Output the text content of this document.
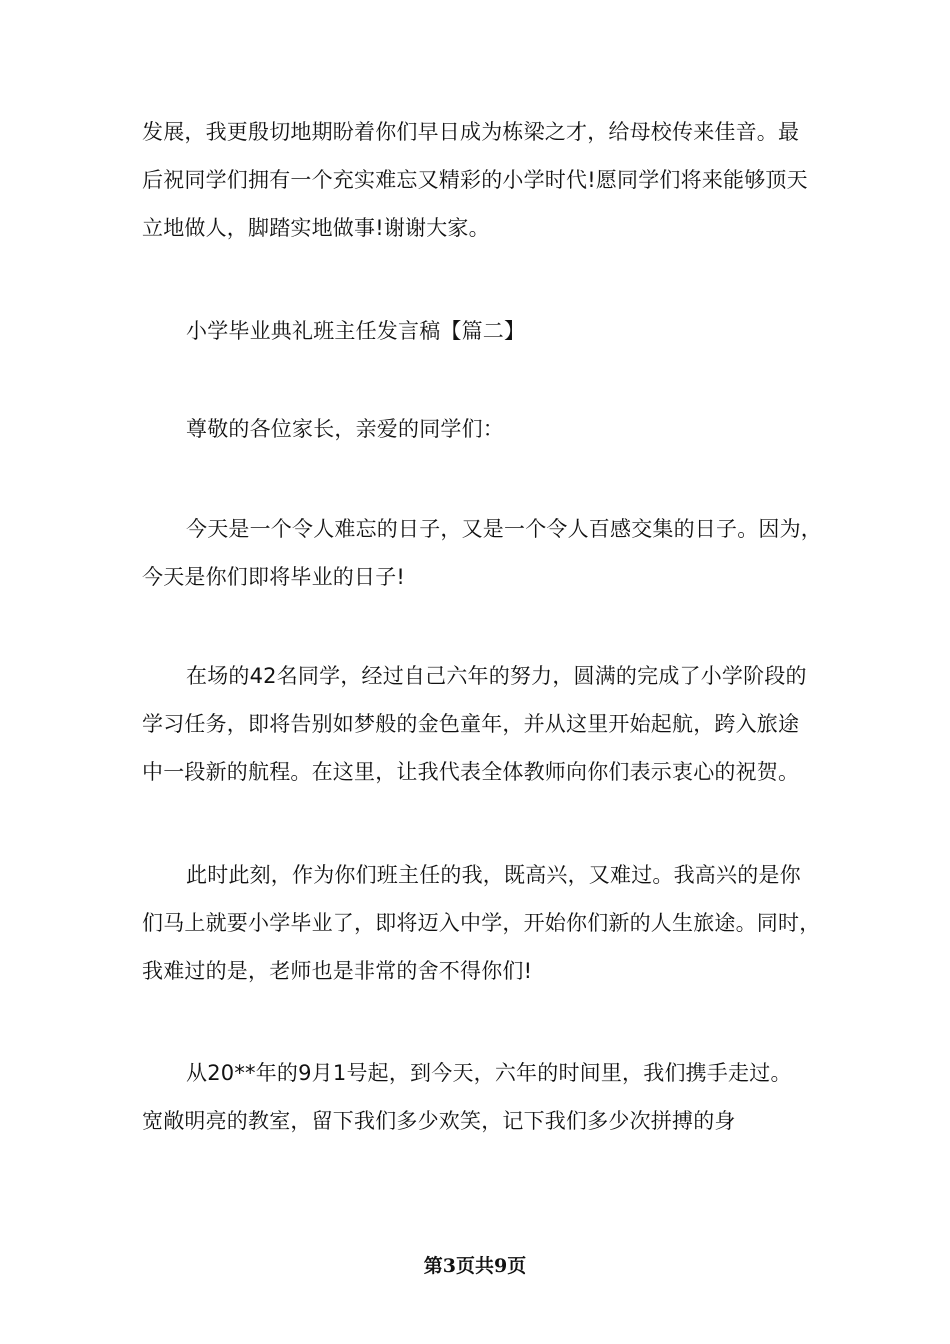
发展，我更殷切地期盼着你们早日成为栋梁之才，给母校传来佳音。最
后祝同学们拥有一个充实难忘又精彩的小学时代!愿同学们将来能够顶天
立地做人，脚踏实地做事!谢谢大家。
小学毕业典礼班主任发言稿【篇二】
尊敬的各位家长，亲爱的同学们：
今天是一个令人难忘的日子，又是一个令人百感交集的日子。因为，
今天是你们即将毕业的日子!
在场的42名同学，经过自己六年的努力，圆满的完成了小学阶段的
学习任务，即将告别如梦般的金色童年，并从这里开始起航，跨入旅途
中一段新的航程。在这里，让我代表全体教师向你们表示衷心的祝贺。
此时此刻，作为你们班主任的我，既高兴，又难过。我高兴的是你
们马上就要小学毕业了，即将迈入中学，开始你们新的人生旅途。同时，
我难过的是，老师也是非常的舍不得你们!
从20**年的9月1号起，到今天，六年的时间里，我们携手走过。
宽敞明亮的教室，留下我们多少欢笑，记下我们多少次拼搏的身
第3页共9页
